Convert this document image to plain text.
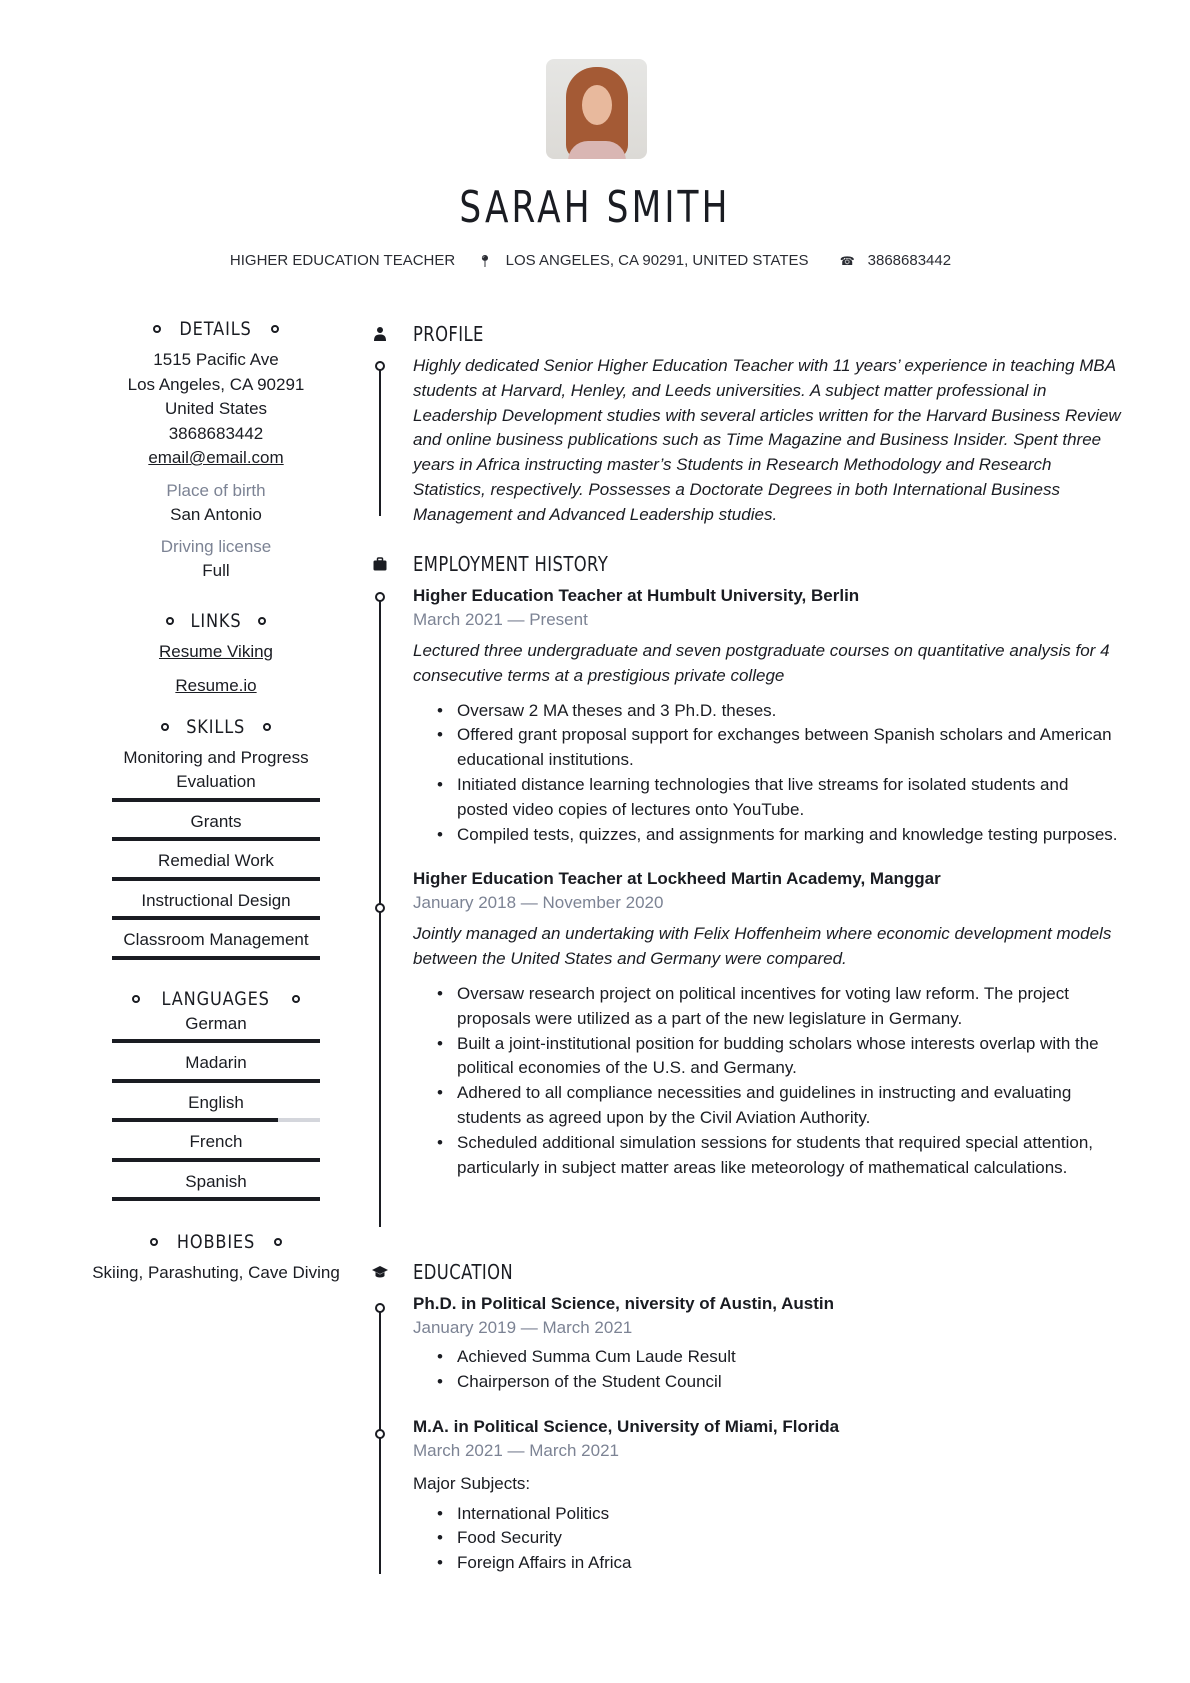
SARAH SMITH
HIGHER EDUCATION TEACHER 📍︎ LOS ANGELES, CA 90291, UNITED STATES	☎︎ 3868683442
DETAILS
1515 Pacific Ave
Los Angeles, CA 90291
United States
3868683442
email@email.com
Place of birth
San Antonio
Driving license
Full
LINKS
Resume Viking
Resume.io
SKILLS
Monitoring and Progress Evaluation
Grants
Remedial Work
Instructional Design
Classroom Management
LANGUAGES
German
Madarin
English
French
Spanish
HOBBIES
Skiing, Parashuting, Cave Diving
PROFILE
Highly dedicated Senior Higher Education Teacher with 11 years’ experience in teaching MBA students at Harvard, Henley, and Leeds universities. A subject matter professional in Leadership Development studies with several articles written for the Harvard Business Review and online business publications such as Time Magazine and Business Insider. Spent three years in Africa instructing master’s Students in Research Methodology and Research Statistics, respectively. Possesses a Doctorate Degrees in both International Business Management and Advanced Leadership studies.
EMPLOYMENT HISTORY
Higher Education Teacher at Humbult University, Berlin
March 2021 — Present
Lectured three undergraduate and seven postgraduate courses on quantitative analysis for 4 consecutive terms at a prestigious private college
• Oversaw 2 MA theses and 3 Ph.D. theses.
• Offered grant proposal support for exchanges between Spanish scholars and American educational institutions.
• Initiated distance learning technologies that live streams for isolated students and posted video copies of lectures onto YouTube.
• Compiled tests, quizzes, and assignments for marking and knowledge testing purposes.
Higher Education Teacher at Lockheed Martin Academy, Manggar
January 2018 — November 2020
Jointly managed an undertaking with Felix Hoffenheim where economic development models between the United States and Germany were compared.
• Oversaw research project on political incentives for voting law reform. The project proposals were utilized as a part of the new legislature in Germany.
• Built a joint-institutional position for budding scholars whose interests overlap with the political economies of the U.S. and Germany.
• Adhered to all compliance necessities and guidelines in instructing and evaluating students as agreed upon by the Civil Aviation Authority.
• Scheduled additional simulation sessions for students that required special attention, particularly in subject matter areas like meteorology of mathematical calculations.
EDUCATION
Ph.D. in Political Science, niversity of Austin, Austin
January 2019 — March 2021
• Achieved Summa Cum Laude Result
• Chairperson of the Student Council
M.A. in Political Science, University of Miami, Florida
March 2021 — March 2021
Major Subjects:
• International Politics
• Food Security
• Foreign Affairs in Africa
